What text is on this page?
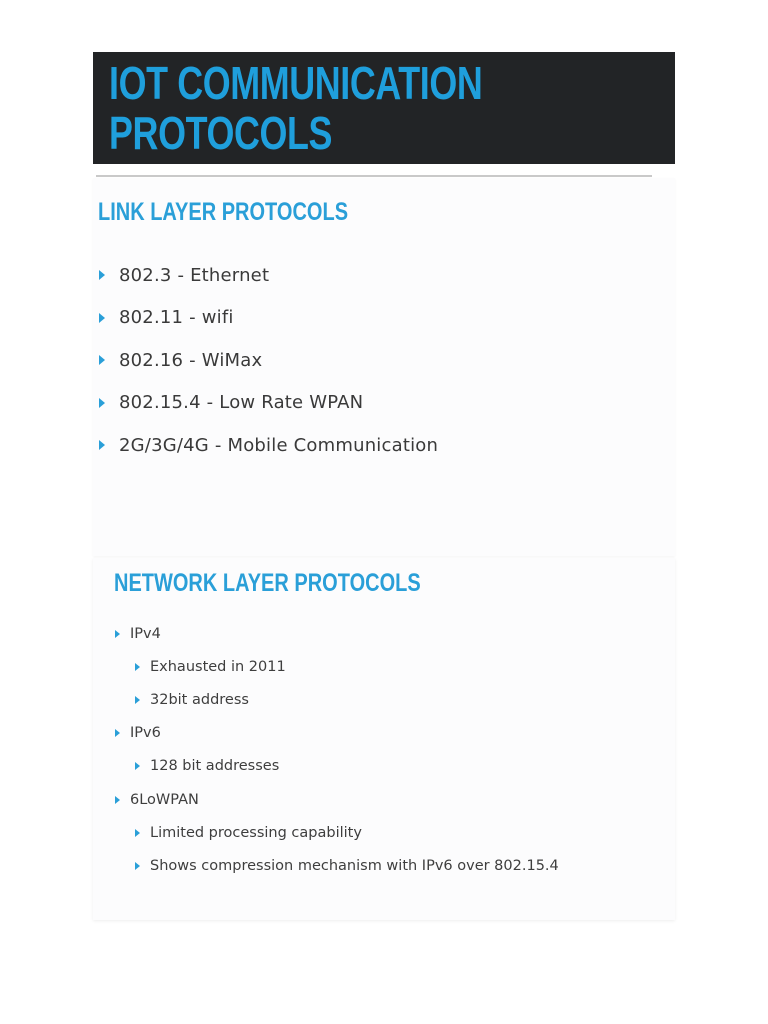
IOT COMMUNICATION
PROTOCOLS
LINK LAYER PROTOCOLS
802.3 - Ethernet
802.11 - wifi
802.16 - WiMax
802.15.4 - Low Rate WPAN
2G/3G/4G - Mobile Communication
NETWORK LAYER PROTOCOLS
IPv4
Exhausted in 2011
32bit address
IPv6
128 bit addresses
6LoWPAN
Limited processing capability
Shows compression mechanism with IPv6 over 802.15.4
